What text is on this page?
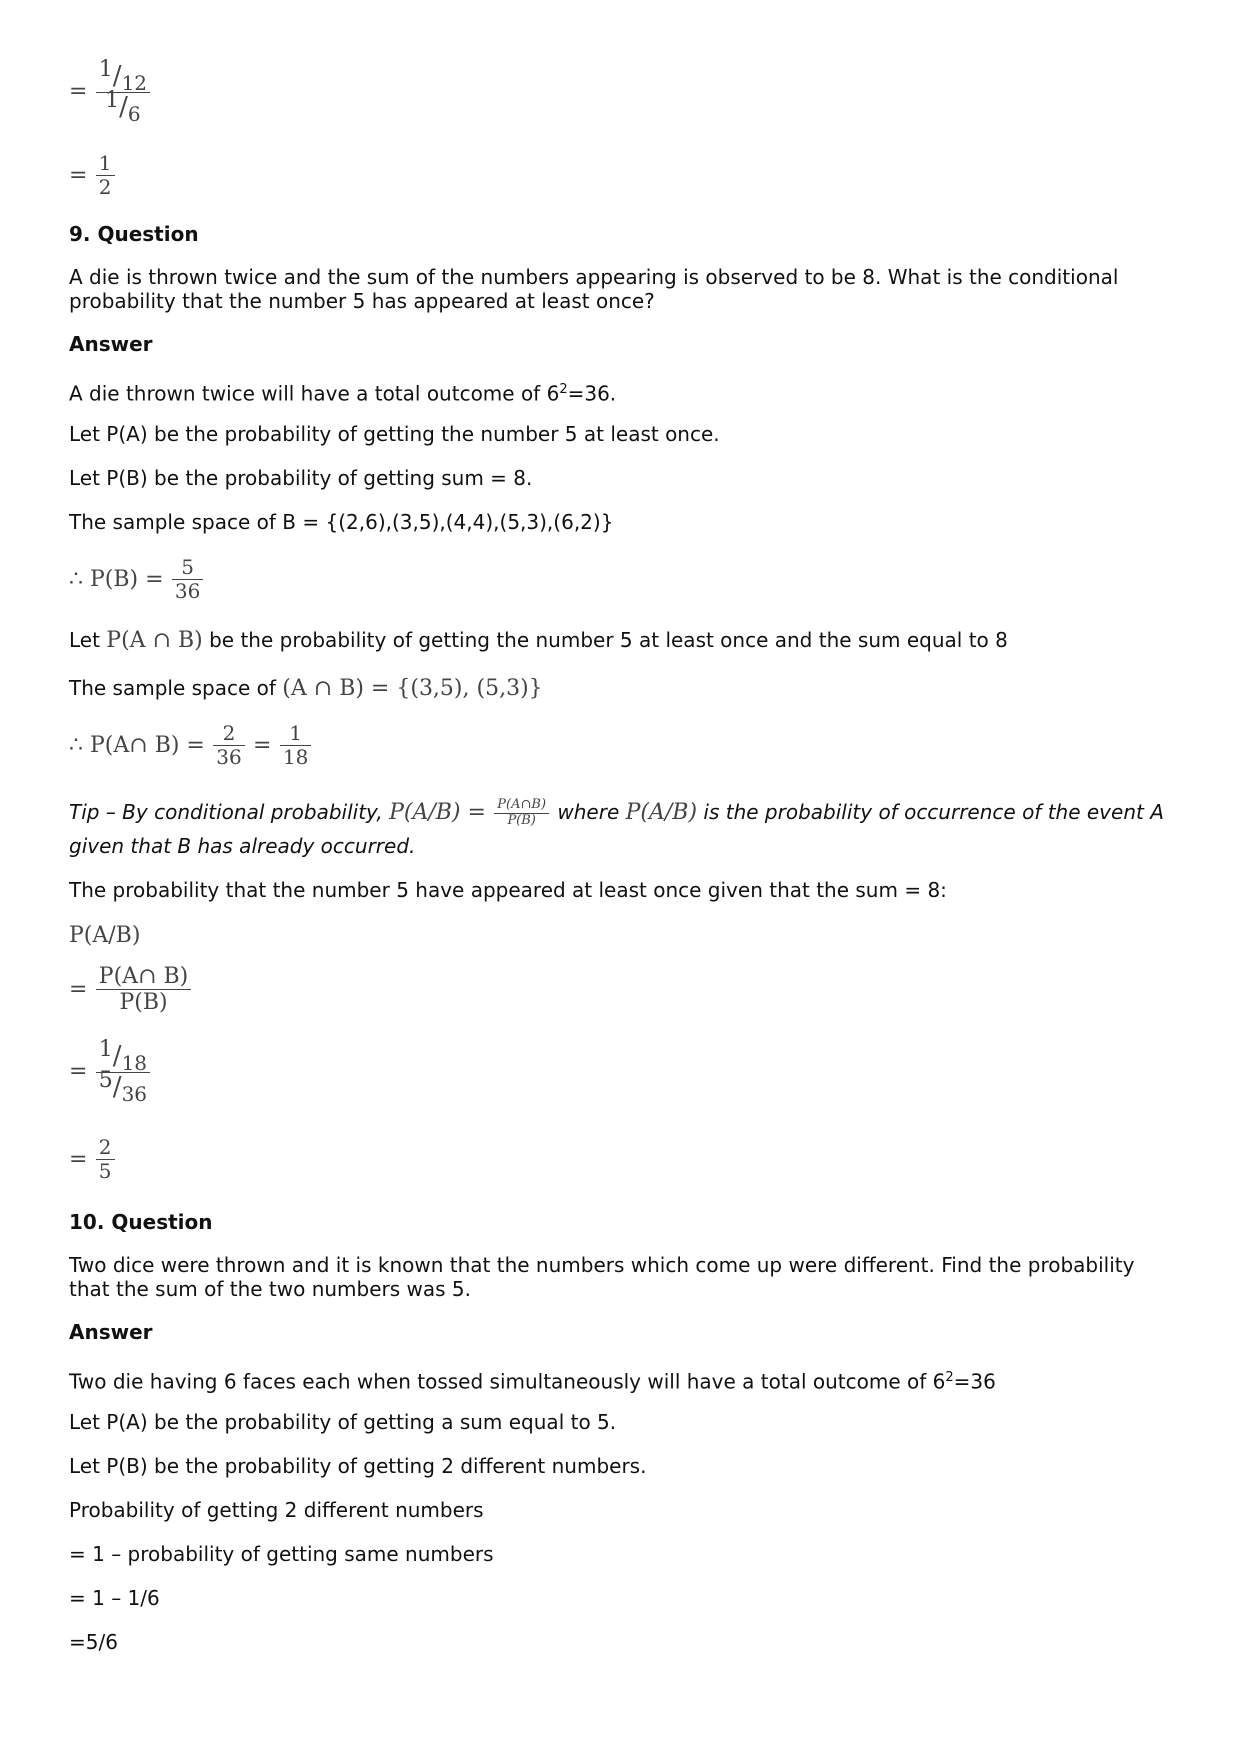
= $\frac{1/12}{1/6}$
= $\frac{1}{2}$
9. Question
A die is thrown twice and the sum of the numbers appearing is observed to be 8. What is the conditional probability that the number 5 has appeared at least once?
Answer
A die thrown twice will have a total outcome of $6^2=36$.
Let P(A) be the probability of getting the number 5 at least once.
Let P(B) be the probability of getting sum = 8.
The sample space of B = {(2,6),(3,5),(4,4),(5,3),(6,2)}
∴ $P(B) = \frac{5}{36}$
Let P(A ∩ B) be the probability of getting the number 5 at least once and the sum equal to 8
The sample space of (A ∩ B) = {(3,5), (5,3)}
∴ P(A∩ $B) = \frac{2}{36} = \frac{1}{18}$
Tip – By conditional probability, $P(A/B) = \frac{P(A\cap B)}{P(B)}$ where P(A/B) is the probability of occurrence of the event A
given that B has already occurred.
The probability that the number 5 have appeared at least once given that the sum = 8:
P(A/B)
= $\frac{P(A\cap B)}{P(B)}$
= $\frac{1/18}{5/36}$
= $\frac{2}{5}$
10. Question
Two dice were thrown and it is known that the numbers which come up were different. Find the probability that the sum of the two numbers was 5.
Answer
Two die having 6 faces each when tossed simultaneously will have a total outcome of $6^2=36$
Let P(A) be the probability of getting a sum equal to 5.
Let P(B) be the probability of getting 2 different numbers.
Probability of getting 2 different numbers
= 1 – probability of getting same numbers
= 1 – 1/6
=5/6
